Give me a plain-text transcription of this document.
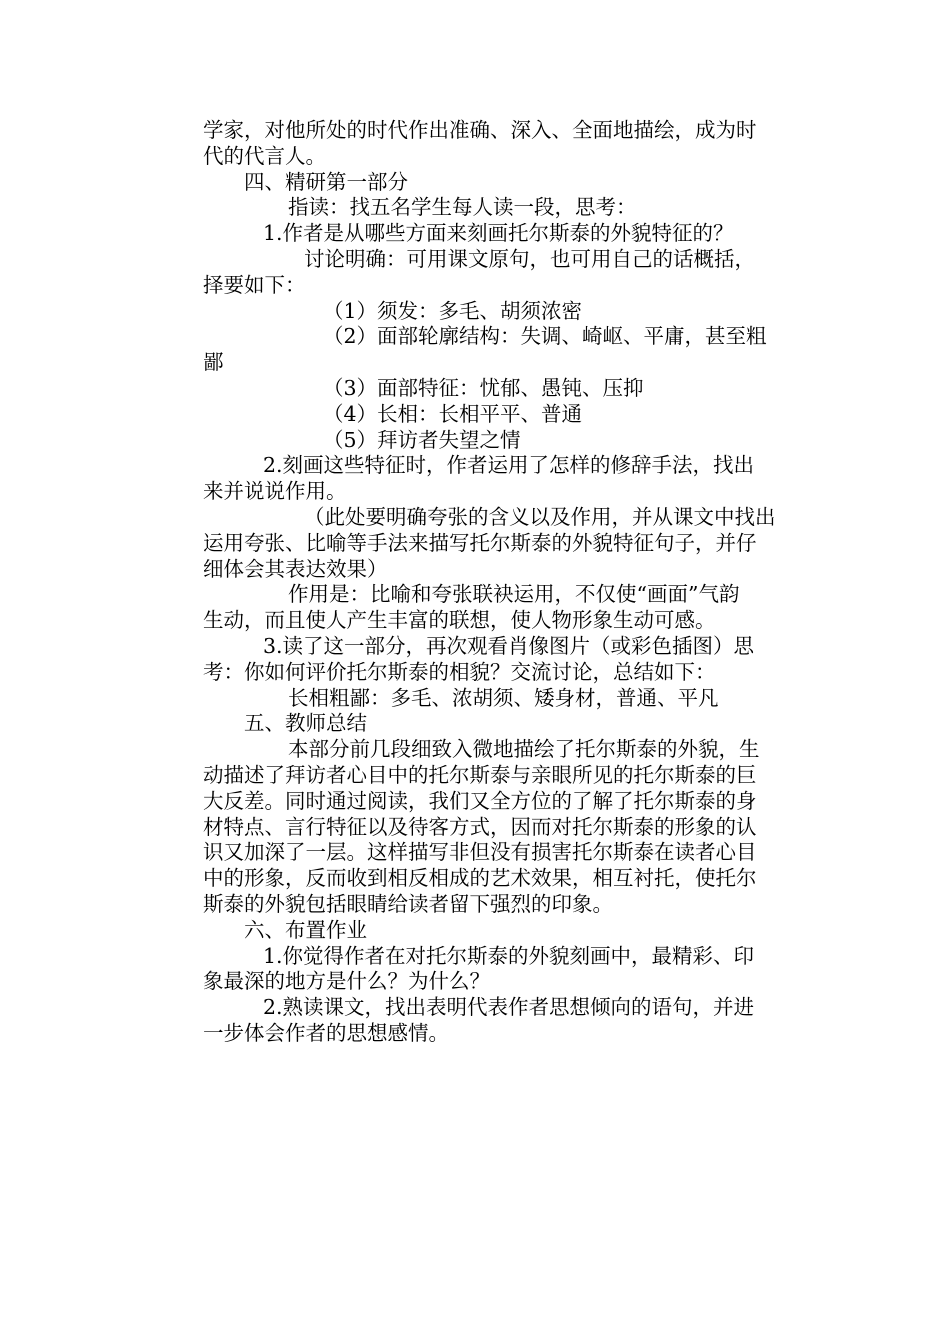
学家，对他所处的时代作出准确、深入、全面地描绘，成为时
代的代言人。
四、精研第一部分
指读：找五名学生每人读一段，思考：
1.作者是从哪些方面来刻画托尔斯泰的外貌特征的？
讨论明确：可用课文原句，也可用自己的话概括，
择要如下：
（1）须发：多毛、胡须浓密
（2）面部轮廓结构：失调、崎岖、平庸，甚至粗
鄙
（3）面部特征：忧郁、愚钝、压抑
（4）长相：长相平平、普通
（5）拜访者失望之情
2.刻画这些特征时，作者运用了怎样的修辞手法，找出
来并说说作用。
（此处要明确夸张的含义以及作用，并从课文中找出
运用夸张、比喻等手法来描写托尔斯泰的外貌特征句子，并仔
细体会其表达效果）
作用是：比喻和夸张联袂运用，不仅使“画面”气韵
生动，而且使人产生丰富的联想，使人物形象生动可感。
3.读了这一部分，再次观看肖像图片（或彩色插图）思
考：你如何评价托尔斯泰的相貌？交流讨论，总结如下：
长相粗鄙：多毛、浓胡须、矮身材，普通、平凡
五、教师总结
本部分前几段细致入微地描绘了托尔斯泰的外貌，生
动描述了拜访者心目中的托尔斯泰与亲眼所见的托尔斯泰的巨
大反差。同时通过阅读，我们又全方位的了解了托尔斯泰的身
材特点、言行特征以及待客方式，因而对托尔斯泰的形象的认
识又加深了一层。这样描写非但没有损害托尔斯泰在读者心目
中的形象，反而收到相反相成的艺术效果，相互衬托，使托尔
斯泰的外貌包括眼睛给读者留下强烈的印象。
六、布置作业
1.你觉得作者在对托尔斯泰的外貌刻画中，最精彩、印
象最深的地方是什么？为什么？
2.熟读课文，找出表明代表作者思想倾向的语句，并进
一步体会作者的思想感情。
